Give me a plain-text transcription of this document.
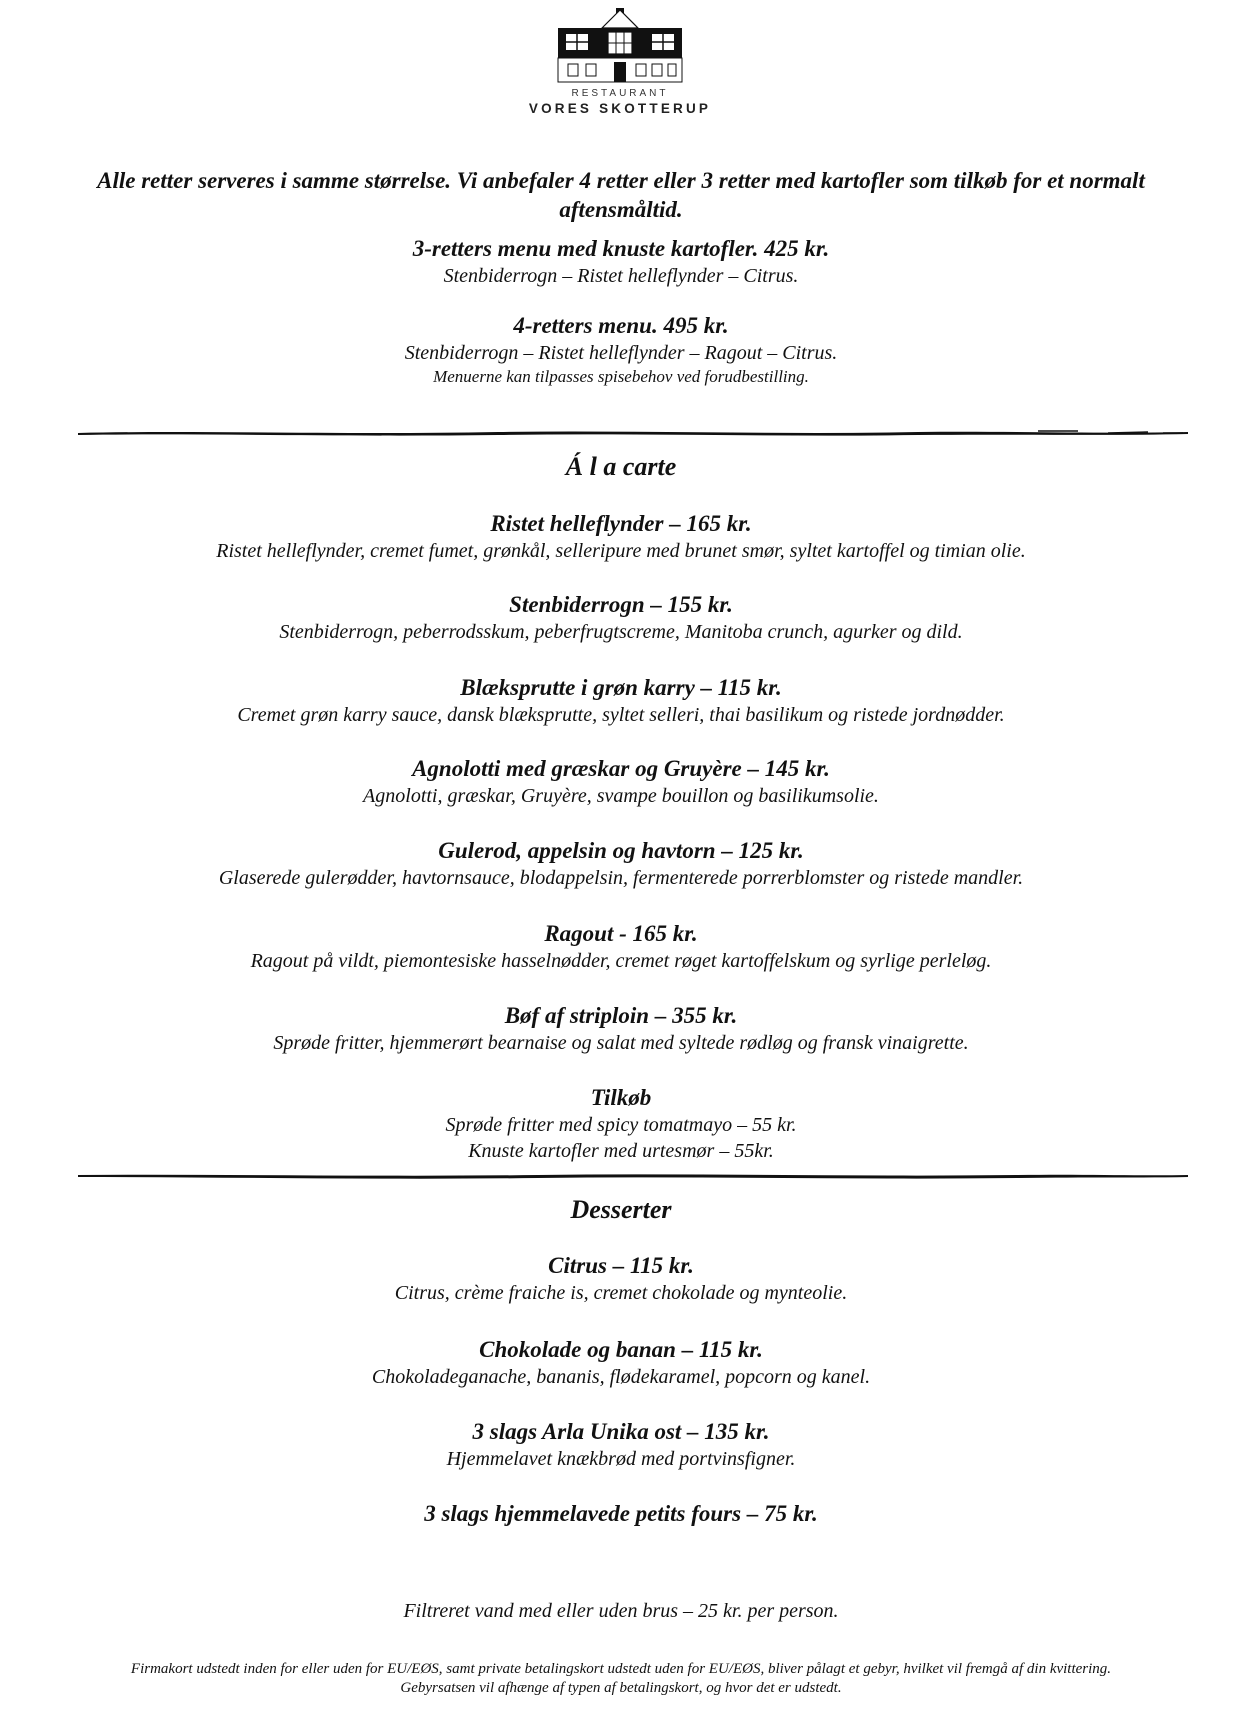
RESTAURANT
VORES SKOTTERUP
Alle retter serveres i samme størrelse. Vi anbefaler 4 retter eller 3 retter med kartofler som tilkøb for et normalt aftensmåltid.
3-retters menu med knuste kartofler. 425 kr.
Stenbiderrogn – Ristet helleflynder – Citrus.
4-retters menu. 495 kr.
Stenbiderrogn – Ristet helleflynder – Ragout – Citrus.
Menuerne kan tilpasses spisebehov ved forudbestilling.
Á l a carte
Ristet helleflynder – 165 kr.
Ristet helleflynder, cremet fumet, grønkål, selleripure med brunet smør, syltet kartoffel og timian olie.
Stenbiderrogn – 155 kr.
Stenbiderrogn, peberrodsskum, peberfrugtscreme, Manitoba crunch, agurker og dild.
Blæksprutte i grøn karry – 115 kr.
Cremet grøn karry sauce, dansk blæksprutte, syltet selleri, thai basilikum og ristede jordnødder.
Agnolotti med græskar og Gruyère – 145 kr.
Agnolotti, græskar, Gruyère, svampe bouillon og basilikumsolie.
Gulerod, appelsin og havtorn – 125 kr.
Glaserede gulerødder, havtornsauce, blodappelsin, fermenterede porrerblomster og ristede mandler.
Ragout - 165 kr.
Ragout på vildt, piemontesiske hasselnødder, cremet røget kartoffelskum og syrlige perleløg.
Bøf af striploin – 355 kr.
Sprøde fritter, hjemmerørt bearnaise og salat med syltede rødløg og fransk vinaigrette.
Tilkøb
Sprøde fritter med spicy tomatmayo – 55 kr.
Knuste kartofler med urtesmør – 55kr.
Desserter
Citrus – 115 kr.
Citrus, crème fraiche is, cremet chokolade og mynteolie.
Chokolade og banan – 115 kr.
Chokoladeganache, bananis, flødekaramel, popcorn og kanel.
3 slags Arla Unika ost – 135 kr.
Hjemmelavet knækbrød med portvinsfigner.
3 slags hjemmelavede petits fours – 75 kr.
Filtreret vand med eller uden brus – 25 kr. per person.
Firmakort udstedt inden for eller uden for EU/EØS, samt private betalingskort udstedt uden for EU/EØS, bliver pålagt et gebyr, hvilket vil fremgå af din kvittering.
Gebyrsatsen vil afhænge af typen af betalingskort, og hvor det er udstedt.
